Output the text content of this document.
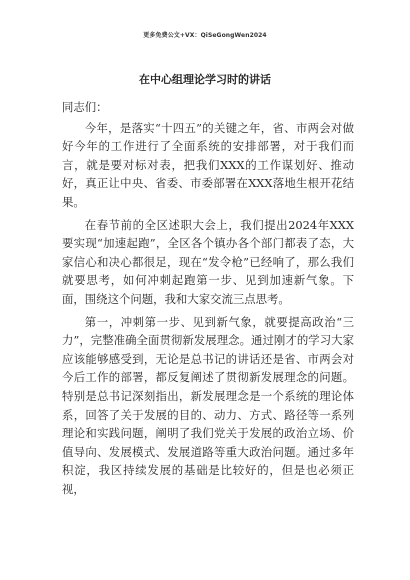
更多免费公文+VX：QiSeGongWen2024
在中心组理论学习时的讲话

同志们：

今年，是落实“十四五”的关键之年，省、市两会对做好今年的工作进行了全面系统的安排部署，对于我们而言，就是要对标对表，把我们XXX的工作谋划好、推动好，真正让中央、省委、市委部署在XXX落地生根开花结果。

在春节前的全区述职大会上，我们提出2024年XXX要实现“加速起跑”，全区各个镇办各个部门都表了态，大家信心和决心都很足，现在“发令枪”已经响了，那么我们就要思考，如何冲刺起跑第一步、见到加速新气象。下面，围绕这个问题，我和大家交流三点思考。

第一，冲刺第一步、见到新气象，就要提高政治“三力”，完整准确全面贯彻新发展理念。通过刚才的学习大家应该能够感受到，无论是总书记的讲话还是省、市两会对今后工作的部署，都反复阐述了贯彻新发展理念的问题。特别是总书记深刻指出，新发展理念是一个系统的理论体系，回答了关于发展的目的、动力、方式、路径等一系列理论和实践问题，阐明了我们党关于发展的政治立场、价值导向、发展模式、发展道路等重大政治问题。通过多年积淀，我区持续发展的基础是比较好的，但是也必须正视，
